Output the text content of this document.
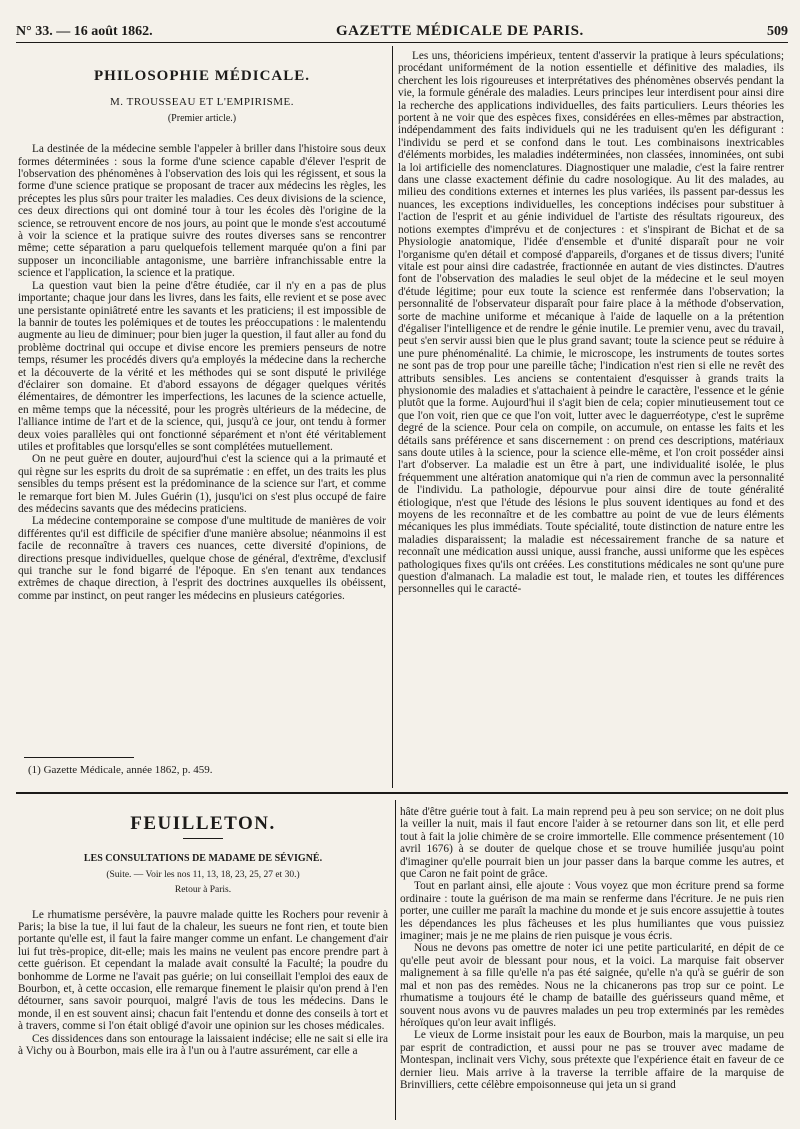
N° 33. — 16 août 1862.	GAZETTE MÉDICALE DE PARIS.	509
PHILOSOPHIE MÉDICALE.
M. TROUSSEAU ET L'EMPIRISME.
(Premier article.)

La destinée de la médecine semble l'appeler à briller dans l'histoire sous deux formes déterminées : sous la forme d'une science capable d'élever l'esprit de l'observation des phénomènes à l'observation des lois qui les régissent, et sous la forme d'une science pratique se proposant de tracer aux médecins les règles, les préceptes les plus sûrs pour traiter les maladies. Ces deux divisions de la science, ces deux directions qui ont dominé tour à tour les écoles dès l'origine de la science, se retrouvent encore de nos jours, au point que le monde s'est accoutumé à voir la science et la pratique suivre des routes diverses sans se rencontrer même; cette séparation a paru quelquefois tellement marquée qu'on a fini par supposer un inconciliable antagonisme, une barrière infranchissable entre la science et l'application, la science et la pratique.

La question vaut bien la peine d'être étudiée, car il n'y en a pas de plus importante; chaque jour dans les livres, dans les faits, elle revient et se pose avec une persistante opiniâtreté entre les savants et les praticiens; il est impossible de la bannir de toutes les polémiques et de toutes les préoccupations : le malentendu augmente au lieu de diminuer; pour bien juger la question, il faut aller au fond du problème doctrinal qui occupe et divise encore les premiers penseurs de notre temps, résumer les procédés divers qu'a employés la médecine dans la recherche et la découverte de la vérité et les méthodes qui se sont disputé le privilége d'éclairer son domaine. Et d'abord essayons de dégager quelques vérités élémentaires, de démontrer les imperfections, les lacunes de la science actuelle, en même temps que la nécessité, pour les progrès ultérieurs de la médecine, de l'alliance intime de l'art et de la science, qui, jusqu'à ce jour, ont tendu à former deux voies parallèles qui ont fonctionné séparément et n'ont été véritablement utiles et profitables que lorsqu'elles se sont complétées mutuellement.

On ne peut guère en douter, aujourd'hui c'est la science qui a la primauté et qui règne sur les esprits du droit de sa suprématie : en effet, un des traits les plus sensibles du temps présent est la prédominance de la science sur l'art, et comme le remarque fort bien M. Jules Guérin (1), jusqu'ici on s'est plus occupé de faire des médecins savants que des médecins praticiens.

La médecine contemporaine se compose d'une multitude de manières de voir différentes qu'il est difficile de spécifier d'une manière absolue; néanmoins il est facile de reconnaître à travers ces nuances, cette diversité d'opinions, de directions presque individuelles, quelque chose de général, d'extrême, d'exclusif qui tranche sur le fond bigarré de l'époque. En s'en tenant aux tendances extrêmes de chaque direction, à l'esprit des doctrines auxquelles ils obéissent, comme par instinct, on peut ranger les médecins en plusieurs catégories.

(1) Gazette Médicale, année 1862, p. 459.

Les uns, théoriciens impérieux, tentent d'asservir la pratique à leurs spéculations; procédant uniformément de la notion essentielle et définitive des maladies, ils cherchent les lois rigoureuses et interprétatives des phénomènes observés pendant la vie, la formule générale des maladies. Leurs principes leur interdisent pour ainsi dire la recherche des applications individuelles, des faits particuliers. Leurs théories les portent à ne voir que des espèces fixes, considérées en elles-mêmes par abstraction, indépendamment des faits individuels qui ne les traduisent qu'en les défigurant : l'individu se perd et se confond dans le tout. Les combinaisons inextricables d'éléments morbides, les maladies indéterminées, non classées, innominées, ont subi la loi artificielle des nomenclatures. Diagnostiquer une maladie, c'est la faire rentrer dans une classe exactement définie du cadre nosologique. Au lit des malades, au milieu des conditions externes et internes les plus variées, ils passent par-dessus les nuances, les exceptions individuelles, les conceptions indécises pour substituer à l'action de l'esprit et au génie individuel de l'artiste des résultats rigoureux, des notions exemptes d'imprévu et de conjectures : et s'inspirant de Bichat et de sa Physiologie anatomique, l'idée d'ensemble et d'unité disparaît pour ne voir l'organisme qu'en détail et composé d'appareils, d'organes et de tissus divers; l'unité vitale est pour ainsi dire cadastrée, fractionnée en autant de vies distinctes. D'autres font de l'observation des maladies le seul objet de la médecine et le seul moyen d'étude légitime; pour eux toute la science est renfermée dans l'observation; la personnalité de l'observateur disparaît pour faire place à la méthode d'observation, sorte de machine uniforme et mécanique à l'aide de laquelle on a la prétention d'égaliser l'intelligence et de rendre le génie inutile. Le premier venu, avec du travail, peut s'en servir aussi bien que le plus grand savant; toute la science peut se réduire à une pure phénoménalité. La chimie, le microscope, les instruments de toutes sortes ne sont pas de trop pour une pareille tâche; l'indication n'est rien si elle ne revêt des attributs sensibles. Les anciens se contentaient d'esquisser à grands traits la physionomie des maladies et s'attachaient à peindre le caractère, l'essence et le génie plutôt que la forme. Aujourd'hui il s'agit bien de cela; copier minutieusement tout ce que l'on voit, rien que ce que l'on voit, lutter avec le daguerréotype, c'est le suprême degré de la science. Pour cela on compile, on accumule, on entasse les faits et les détails sans préférence et sans discernement : on prend ces descriptions, matériaux sans doute utiles à la science, pour la science elle-même, et l'on croit posséder ainsi l'art d'observer. La maladie est un être à part, une individualité isolée, le plus fréquemment une altération anatomique qui n'a rien de commun avec la personnalité de l'individu. La pathologie, dépourvue pour ainsi dire de toute généralité étiologique, n'est que l'étude des lésions le plus souvent identiques au fond et des moyens de les reconnaître et de les combattre au point de vue de leurs éléments mécaniques les plus immédiats. Toute spécialité, toute distinction de nature entre les maladies disparaissent; la maladie est nécessairement franche de sa nature et reconnaît une médication aussi unique, aussi franche, aussi uniforme que les espèces pathologiques fixes qu'ils ont créées. Les constitutions médicales ne sont qu'une pure question d'almanach. La maladie est tout, le malade rien, et toutes les différences personnelles qui le caracté-

FEUILLETON.
LES CONSULTATIONS DE MADAME DE SÉVIGNÉ.
(Suite. — Voir les nos 11, 13, 18, 23, 25, 27 et 30.)
Retour à Paris.

Le rhumatisme persévère, la pauvre malade quitte les Rochers pour revenir à Paris; la bise la tue, il lui faut de la chaleur, les sueurs ne font rien, et toute bien portante qu'elle est, il faut la faire manger comme un enfant. Le changement d'air lui fut très-propice, dit-elle; mais les mains ne veulent pas encore prendre part à cette guérison. Et cependant la malade avait consulté la Faculté; la poudre du bonhomme de Lorme ne l'avait pas guérie; on lui conseillait l'emploi des eaux de Bourbon, et, à cette occasion, elle remarque finement le plaisir qu'on prend à l'en détourner, sans savoir pourquoi, malgré l'avis de tous les médecins. Dans le monde, il en est souvent ainsi; chacun fait l'entendu et donne des conseils à tort et à travers, comme si l'on était obligé d'avoir une opinion sur les choses médicales.

Ces dissidences dans son entourage la laissaient indécise; elle ne sait si elle ira à Vichy ou à Bourbon, mais elle ira à l'un ou à l'autre assurément, car elle a

hâte d'être guérie tout à fait. La main reprend peu à peu son service; on ne doit plus la veiller la nuit, mais il faut encore l'aider à se retourner dans son lit, et elle perd tout à fait la jolie chimère de se croire immortelle. Elle commence présentement (10 avril 1676) à se douter de quelque chose et se trouve humiliée jusqu'au point d'imaginer qu'elle pourrait bien un jour passer dans la barque comme les autres, et que Caron ne fait point de grâce.

Tout en parlant ainsi, elle ajoute : Vous voyez que mon écriture prend sa forme ordinaire : toute la guérison de ma main se renferme dans l'écriture. Je ne puis rien porter, une cuiller me paraît la machine du monde et je suis encore assujettie à toutes les dépendances les plus fâcheuses et les plus humiliantes que vous puissiez imaginer; mais je ne me plains de rien puisque je vous écris.

Nous ne devons pas omettre de noter ici une petite particularité, en dépit de ce qu'elle peut avoir de blessant pour nous, et la voici. La marquise fait observer malignement à sa fille qu'elle n'a pas été saignée, qu'elle n'a qu'à se guérir de son mal et non pas des remèdes. Nous ne la chicanerons pas trop sur ce point. Le rhumatisme a toujours été le champ de bataille des guérisseurs quand même, et souvent nous avons vu de pauvres malades un peu trop exterminés par les remèdes héroïques qu'on leur avait infligés.

Le vieux de Lorme insistait pour les eaux de Bourbon, mais la marquise, un peu par esprit de contradiction, et aussi pour ne pas se trouver avec madame de Montespan, inclinait vers Vichy, sous prétexte que l'expérience était en faveur de ce dernier lieu. Mais arrive à la traverse la terrible affaire de la marquise de Brinvilliers, cette célèbre empoisonneuse qui jeta un si grand
